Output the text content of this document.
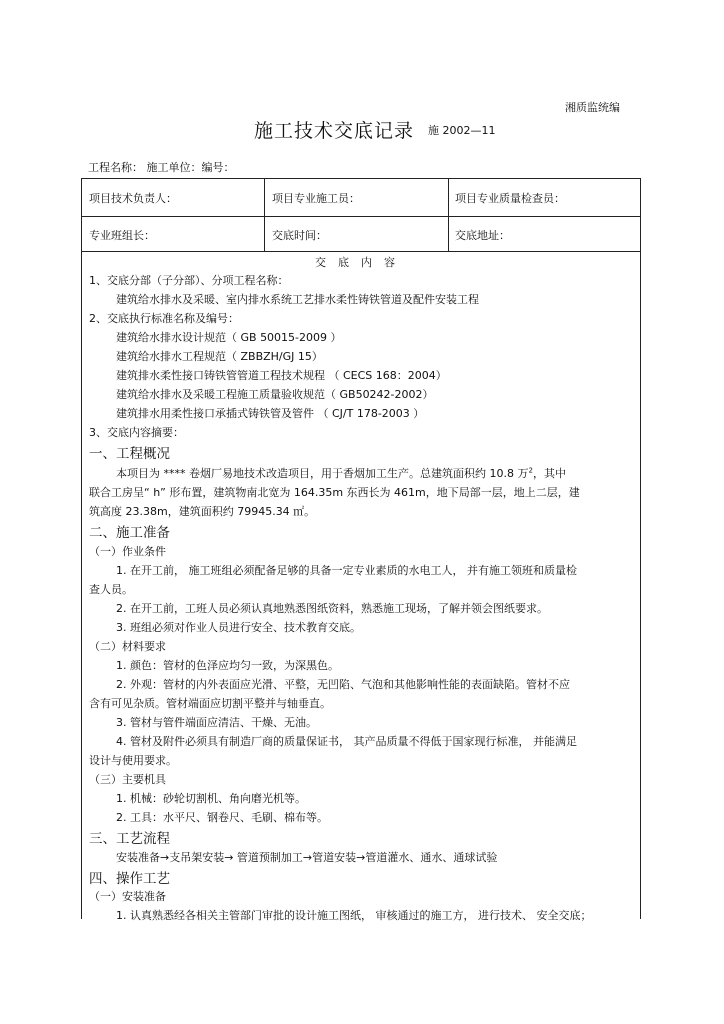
湘质监统编
施工技术交底记录 施 2002—11
工程名称： 施工单位：编号：
项目技术负责人：	项目专业施工员：	项目专业质量检查员：
专业班组长：	交底时间：	交底地址：
交底内容
1、交底分部（子分部）、分项工程名称：
建筑给水排水及采暖、室内排水系统工艺排水柔性铸铁管道及配件安装工程
2、交底执行标准名称及编号：
建筑给水排水设计规范（ GB 50015-2009 ）
建筑给水排水工程规范（ ZBBZH/GJ 15）
建筑排水柔性接口铸铁管管道工程技术规程 （ CECS 168：2004）
建筑给水排水及采暖工程施工质量验收规范（ GB50242-2002）
建筑排水用柔性接口承插式铸铁管及管件 （ CJ/T 178-2003 ）
3、交底内容摘要：
一、工程概况
本项目为 **** 卷烟厂易地技术改造项目，用于香烟加工生产。总建筑面积约 10.8 万$^2$，其中
联合工房呈“ h” 形布置，建筑物南北宽为 164.35m 东西长为 461m，地下局部一层，地上二层，建
筑高度 23.38m，建筑面积约 79945.34 ㎡。
二、施工准备
（一）作业条件
1. 在开工前， 施工班组必须配备足够的具备一定专业素质的水电工人， 并有施工领班和质量检
查人员。
2. 在开工前，工班人员必须认真地熟悉图纸资料，熟悉施工现场，了解并领会图纸要求。
3. 班组必须对作业人员进行安全、技术教育交底。
（二）材料要求
1. 颜色：管材的色泽应均匀一致，为深黑色。
2. 外观：管材的内外表面应光滑、平整，无凹陷、气泡和其他影响性能的表面缺陷。管材不应
含有可见杂质。管材端面应切割平整并与轴垂直。
3. 管材与管件端面应清洁、干燥、无油。
4. 管材及附件必须具有制造厂商的质量保证书， 其产品质量不得低于国家现行标准， 并能满足
设计与使用要求。
（三）主要机具
1. 机械：砂轮切割机、角向磨光机等。
2. 工具：水平尺、钢卷尺、毛刷、棉布等。
三、工艺流程
安装准备→支吊架安装→ 管道预制加工→管道安装→管道灌水、通水、通球试验
四、操作工艺
（一）安装准备
1. 认真熟悉经各相关主管部门审批的设计施工图纸， 审核通过的施工方， 进行技术、 安全交底；
